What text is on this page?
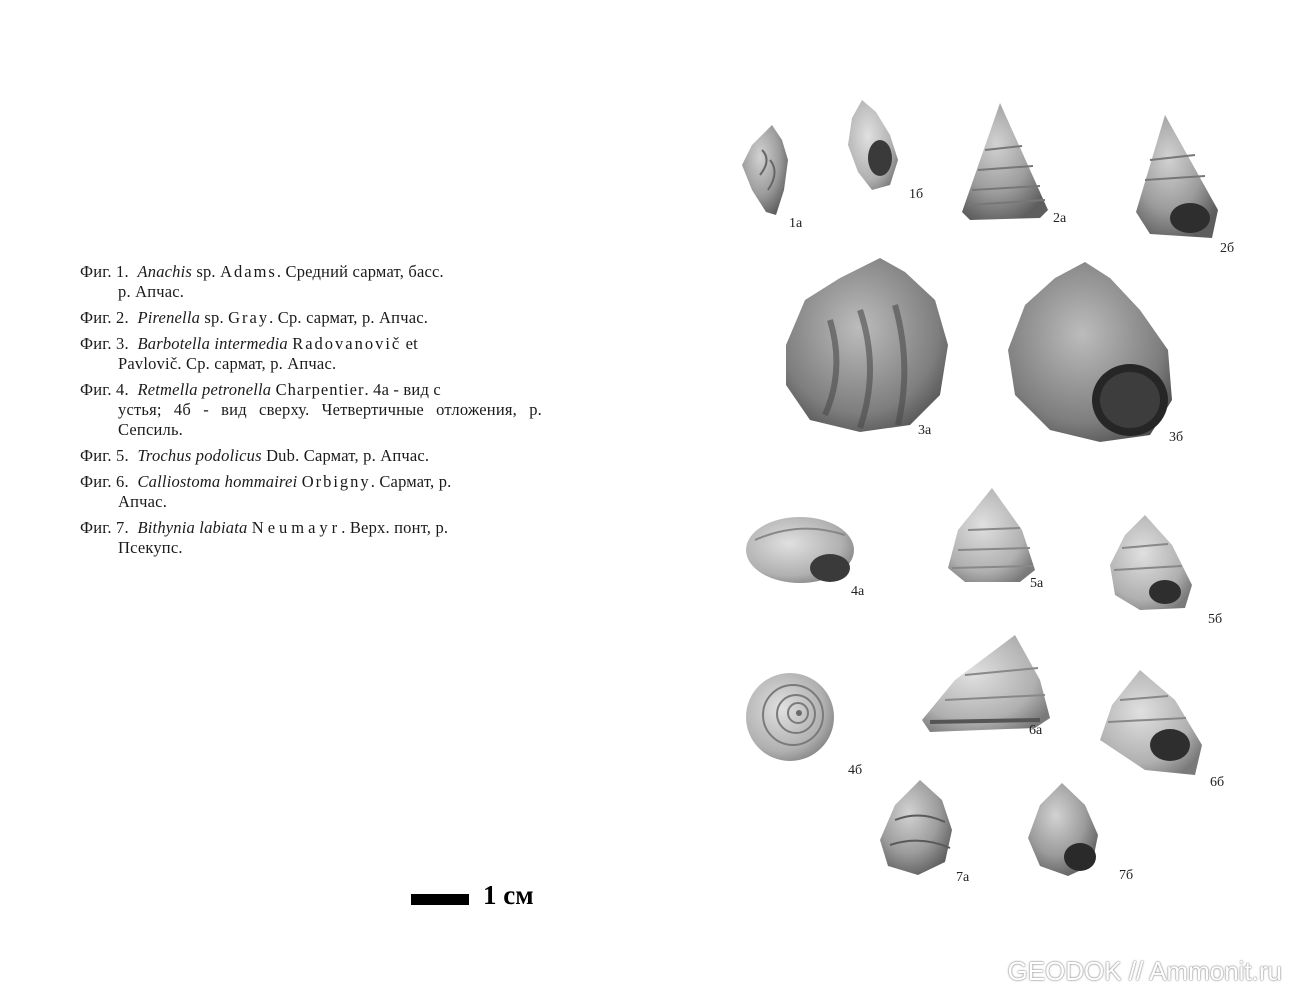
Фиг. 1. Anachis sp. Adams. Средний сармат, басс.
р. Апчас.

Фиг. 2. Pirenella sp. Gray. Ср. сармат, р. Апчас.

Фиг. 3. Barbotella intermedia Radovanovič et
Pavlovič. Ср. сармат, р. Апчас.

Фиг. 4. Retmella petronella Charpentier. 4а - вид с
устья; 4б - вид сверху. Четвертичные отложения, р. Сепсиль.

Фиг. 5. Trochus podolicus Dub. Сармат, р. Апчас.

Фиг. 6. Calliostoma hommairei Orbigny. Сармат, р.
Апчас.

Фиг. 7. Bithynia labiata Neumayr. Верх. понт, р.
Псекупс.

1 см
1а
1б
2а
2б
3а	3б
4а
5а
5б
6а
4б
6б
7а	7б
GEODOK // Ammonit.ru
